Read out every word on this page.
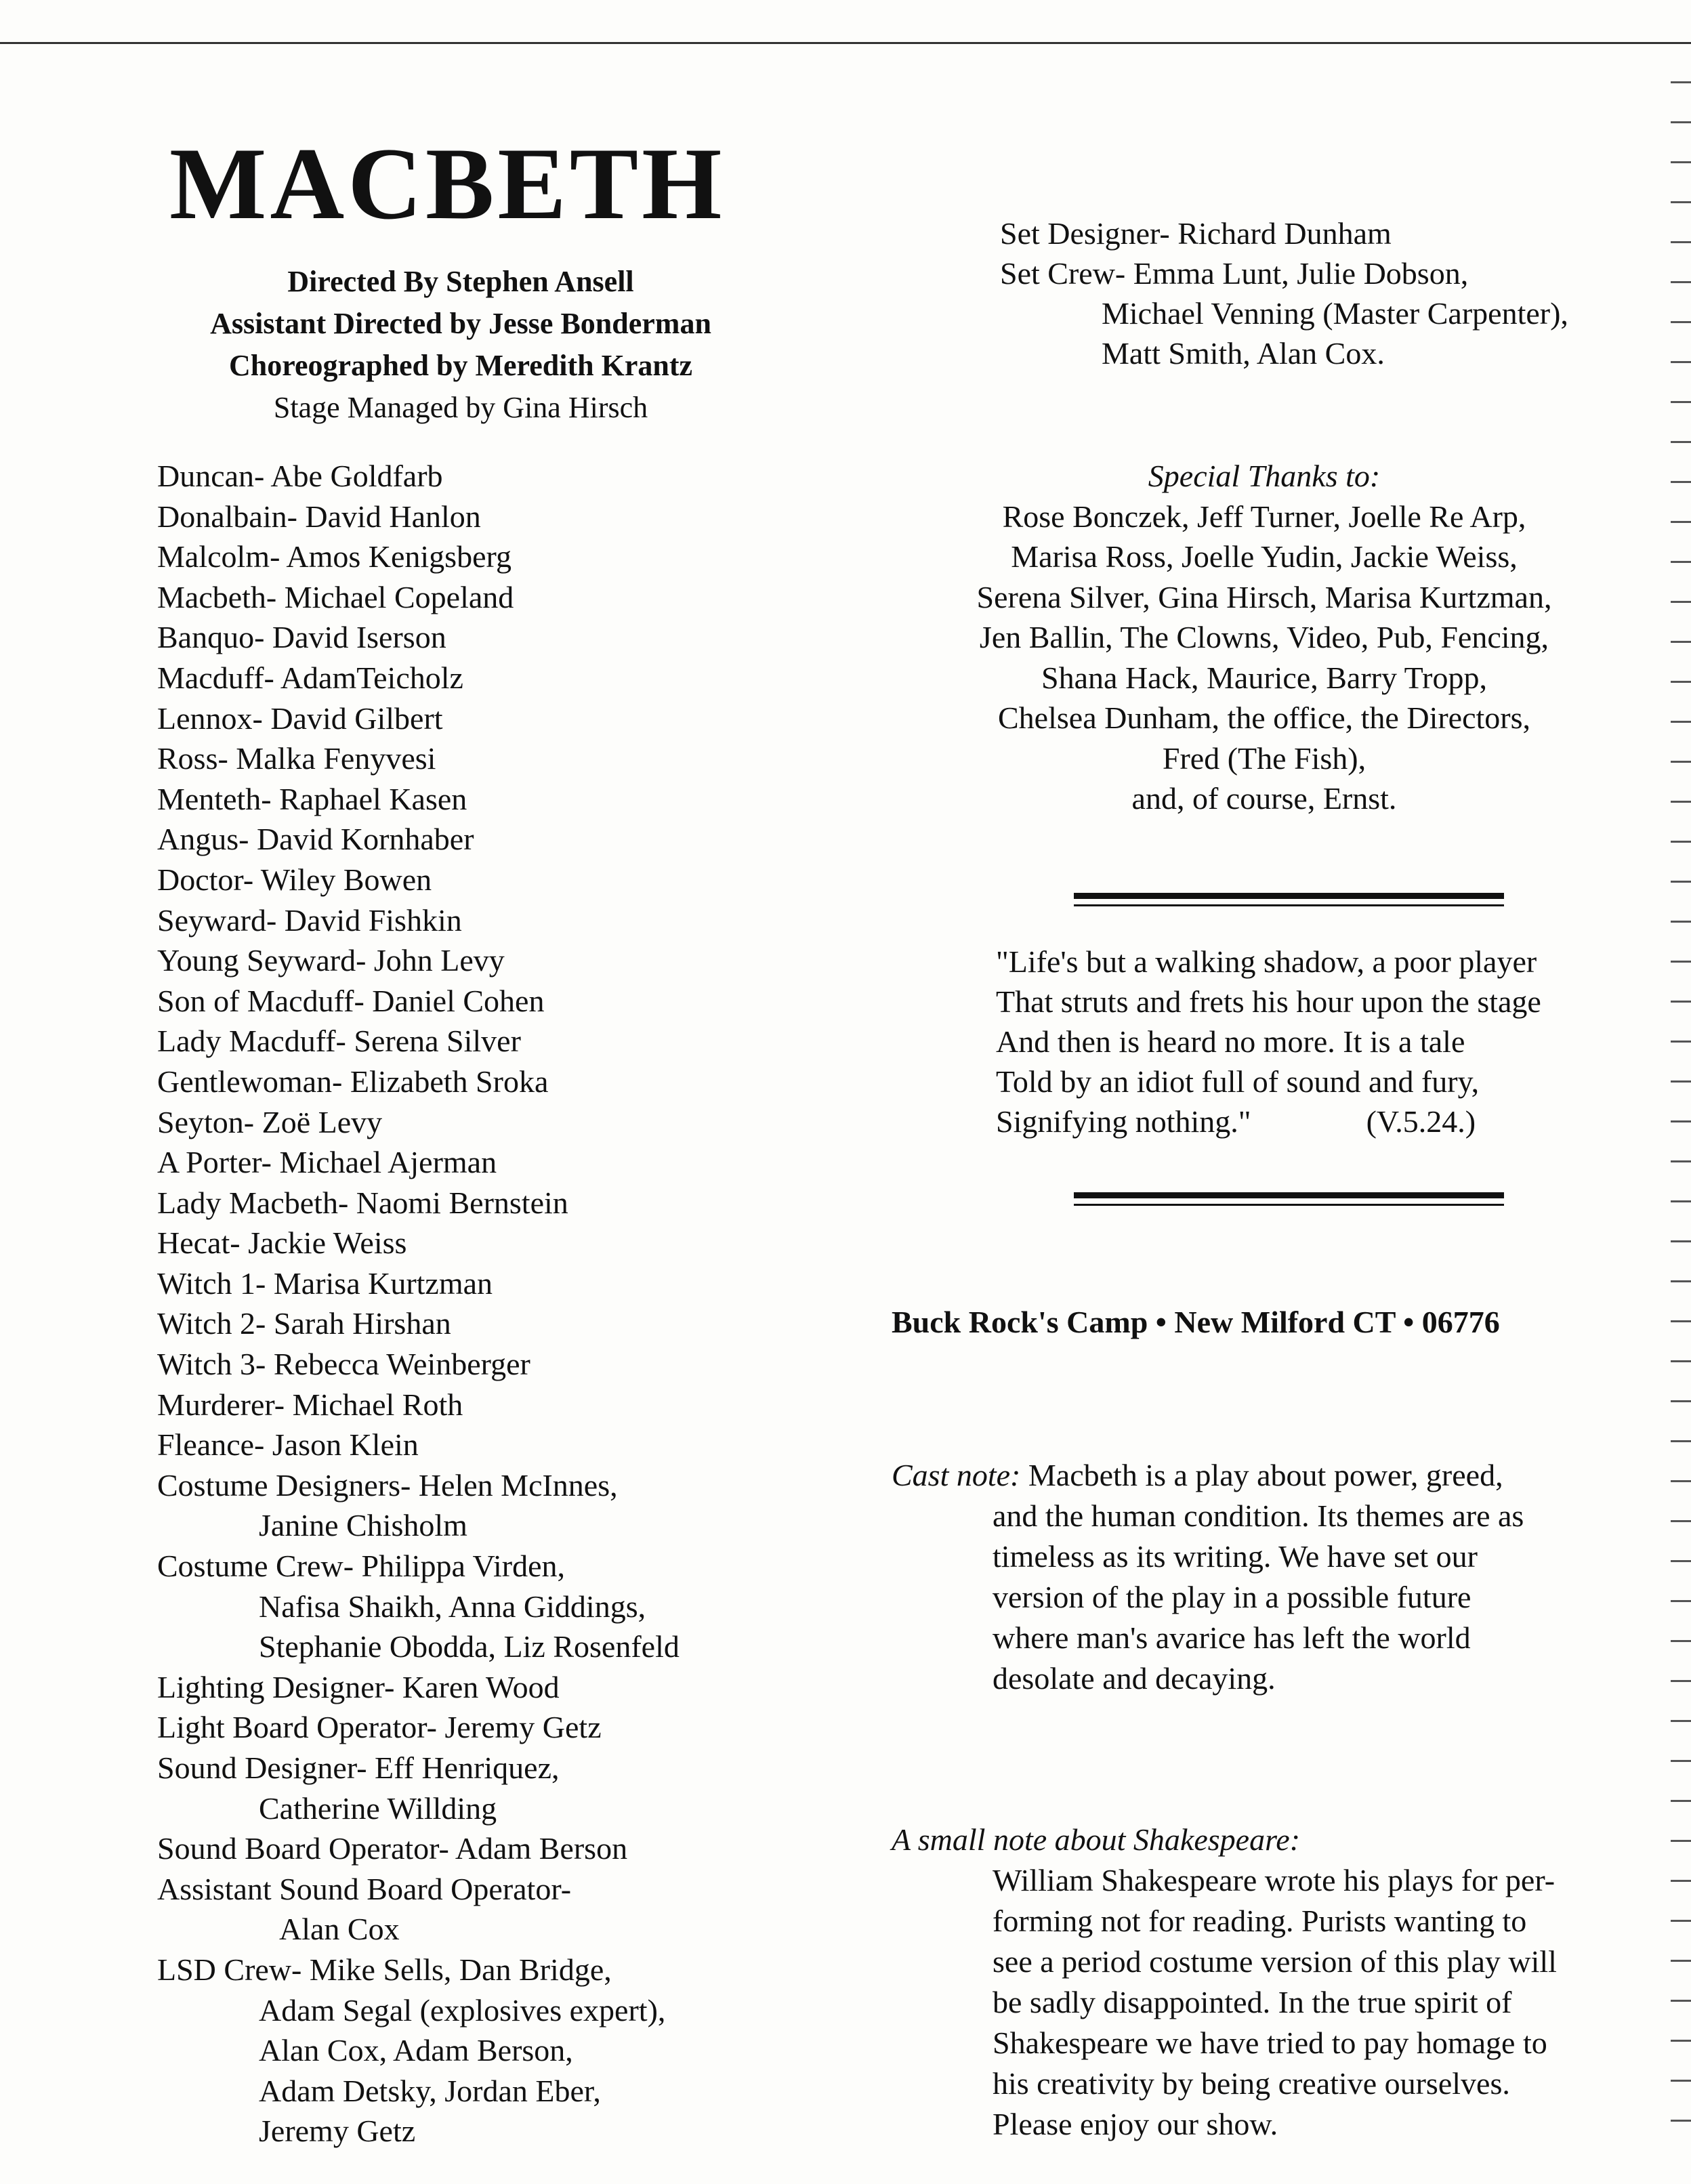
MACBETH
Directed By Stephen Ansell
Assistant Directed by Jesse Bonderman
Choreographed by Meredith Krantz
Stage Managed by Gina Hirsch
Duncan- Abe Goldfarb
Donalbain- David Hanlon
Malcolm- Amos Kenigsberg
Macbeth- Michael Copeland
Banquo- David Iserson
Macduff- AdamTeicholz
Lennox- David Gilbert
Ross- Malka Fenyvesi
Menteth- Raphael Kasen
Angus- David Kornhaber
Doctor- Wiley Bowen
Seyward- David Fishkin
Young Seyward- John Levy
Son of Macduff- Daniel Cohen
Lady Macduff- Serena Silver
Gentlewoman- Elizabeth Sroka
Seyton- Zoë Levy
A Porter- Michael Ajerman
Lady Macbeth- Naomi Bernstein
Hecat- Jackie Weiss
Witch 1- Marisa Kurtzman
Witch 2- Sarah Hirshan
Witch 3- Rebecca Weinberger
Murderer- Michael Roth
Fleance- Jason Klein
Costume Designers- Helen McInnes,
Janine Chisholm
Costume Crew- Philippa Virden,
Nafisa Shaikh, Anna Giddings,
Stephanie Obodda, Liz Rosenfeld
Lighting Designer- Karen Wood
Light Board Operator- Jeremy Getz
Sound Designer- Eff Henriquez,
Catherine Willding
Sound Board Operator- Adam Berson
Assistant Sound Board Operator-
Alan Cox
LSD Crew- Mike Sells, Dan Bridge,
Adam Segal (explosives expert),
Alan Cox, Adam Berson,
Adam Detsky, Jordan Eber,
Jeremy Getz
Set Designer- Richard Dunham
Set Crew- Emma Lunt, Julie Dobson,
Michael Venning (Master Carpenter),
Matt Smith, Alan Cox.
Special Thanks to:
Rose Bonczek, Jeff Turner, Joelle Re Arp,
Marisa Ross, Joelle Yudin, Jackie Weiss,
Serena Silver, Gina Hirsch, Marisa Kurtzman,
Jen Ballin, The Clowns, Video, Pub, Fencing,
Shana Hack, Maurice, Barry Tropp,
Chelsea Dunham, the office, the Directors,
Fred (The Fish),
and, of course, Ernst.
"Life's but a walking shadow, a poor player
That struts and frets his hour upon the stage
And then is heard no more. It is a tale
Told by an idiot full of sound and fury,
Signifying nothing."	(V.5.24.)
Buck Rock's Camp • New Milford CT • 06776
Cast note: Macbeth is a play about power, greed,
and the human condition. Its themes are as
timeless as its writing. We have set our
version of the play in a possible future
where man's avarice has left the world
desolate and decaying.
A small note about Shakespeare:
William Shakespeare wrote his plays for per-
forming not for reading. Purists wanting to
see a period costume version of this play will
be sadly disappointed. In the true spirit of
Shakespeare we have tried to pay homage to
his creativity by being creative ourselves.
Please enjoy our show.
